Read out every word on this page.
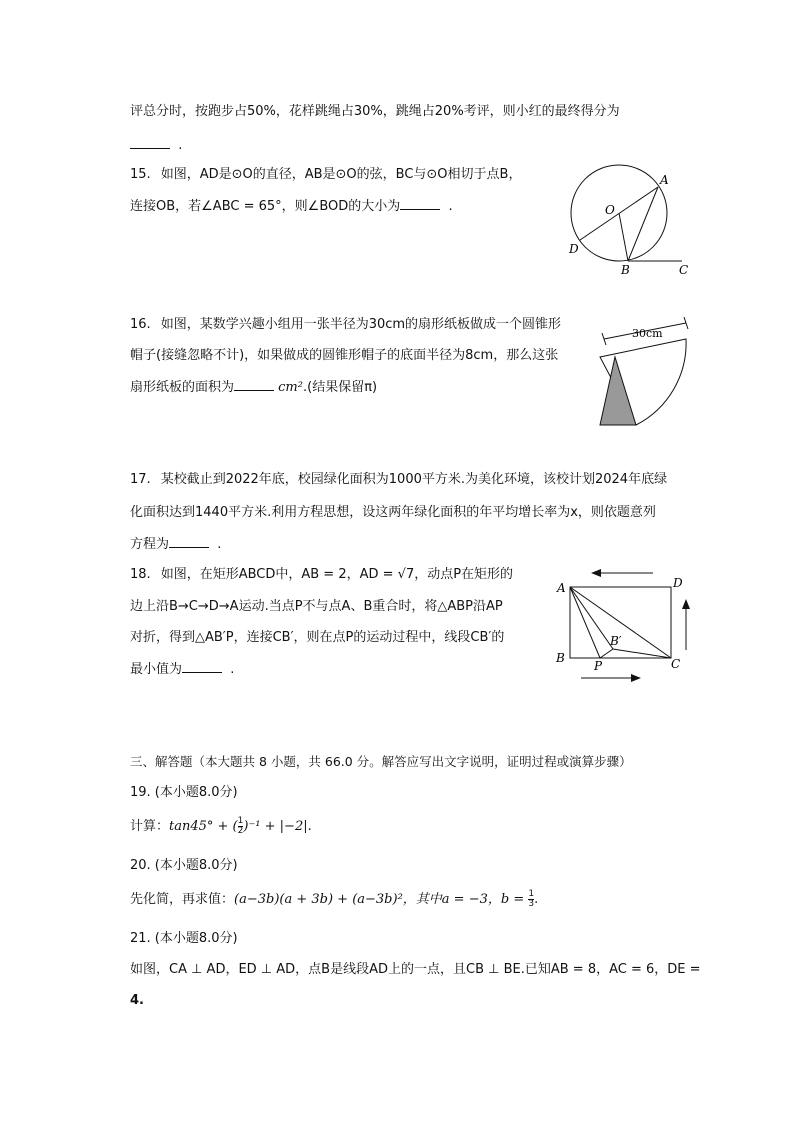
评总分时，按跑步占50%，花样跳绳占30%，跳绳占20%考评，则小红的最终得分为
.
15. 如图，AD是⊙O的直径，AB是⊙O的弦，BC与⊙O相切于点B，
连接OB，若∠ABC = 65°，则∠BOD的大小为	.
A
O
D
B	C
16. 如图，某数学兴趣小组用一张半径为30cm的扇形纸板做成一个圆锥形
帽子(接缝忽略不计)，如果做成的圆锥形帽子的底面半径为8cm，那么这张
扇形纸板的面积为	cm².(结果保留π)
30cm
17. 某校截止到2022年底，校园绿化面积为1000平方米.为美化环境，该校计划2024年底绿
化面积达到1440平方米.利用方程思想，设这两年绿化面积的年平均增长率为x，则依题意列
方程为	.
18. 如图，在矩形ABCD中，AB = 2，AD = √7，动点P在矩形的
边上沿B→C→D→A运动.当点P不与点A、B重合时，将△ABP沿AP
对折，得到△AB′P，连接CB′，则在点P的运动过程中，线段CB′的
最小值为	.
A	D
B	C
P
B′
三、解答题（本大题共 8 小题，共 66.0 分。解答应写出文字说明，证明过程或演算步骤）
19. (本小题8.0分)
计算：tan45° + ( $\frac{1}{2} )^{-1} + |-2|$.
20. (本小题8.0分)
先化简，再求值：(a−3b)(a + 3b) + (a−3b)²，其中a = −3，$b = \frac{1}{3}$ .
21. (本小题8.0分)
如图，CA ⊥ AD，ED ⊥ AD，点B是线段AD上的一点，且CB ⊥ BE.已知AB = 8，AC = 6，DE =
4.
